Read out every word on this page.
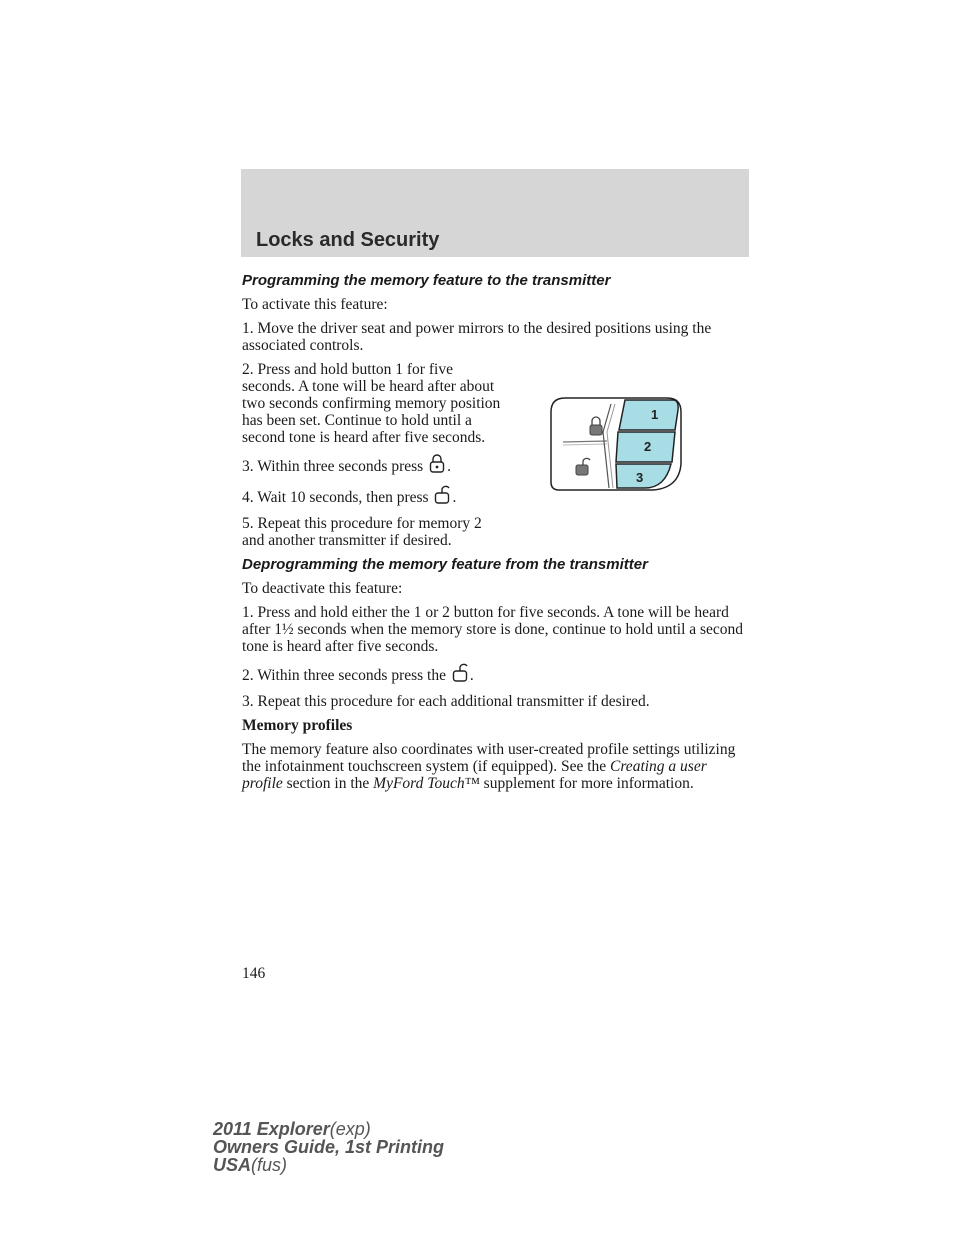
Locks and Security
Programming the memory feature to the transmitter

To activate this feature:

1. Move the driver seat and power mirrors to the desired positions using the associated controls.

2. Press and hold button 1 for five seconds. A tone will be heard after about two seconds confirming memory position has been set. Continue to hold until a second tone is heard after five seconds.

3. Within three seconds press .

4. Wait 10 seconds, then press .

5. Repeat this procedure for memory 2 and another transmitter if desired.

Deprogramming the memory feature from the transmitter

To deactivate this feature:

1. Press and hold either the 1 or 2 button for five seconds. A tone will be heard after 1½ seconds when the memory store is done, continue to hold until a second tone is heard after five seconds.

2. Within three seconds press the .

3. Repeat this procedure for each additional transmitter if desired.

Memory profiles

The memory feature also coordinates with user-created profile settings utilizing the infotainment touchscreen system (if equipped). See the Creating a user profile section in the MyFord Touch™ supplement for more information.

1
2
3
146
2011 Explorer(exp)
Owners Guide, 1st Printing
USA(fus)
